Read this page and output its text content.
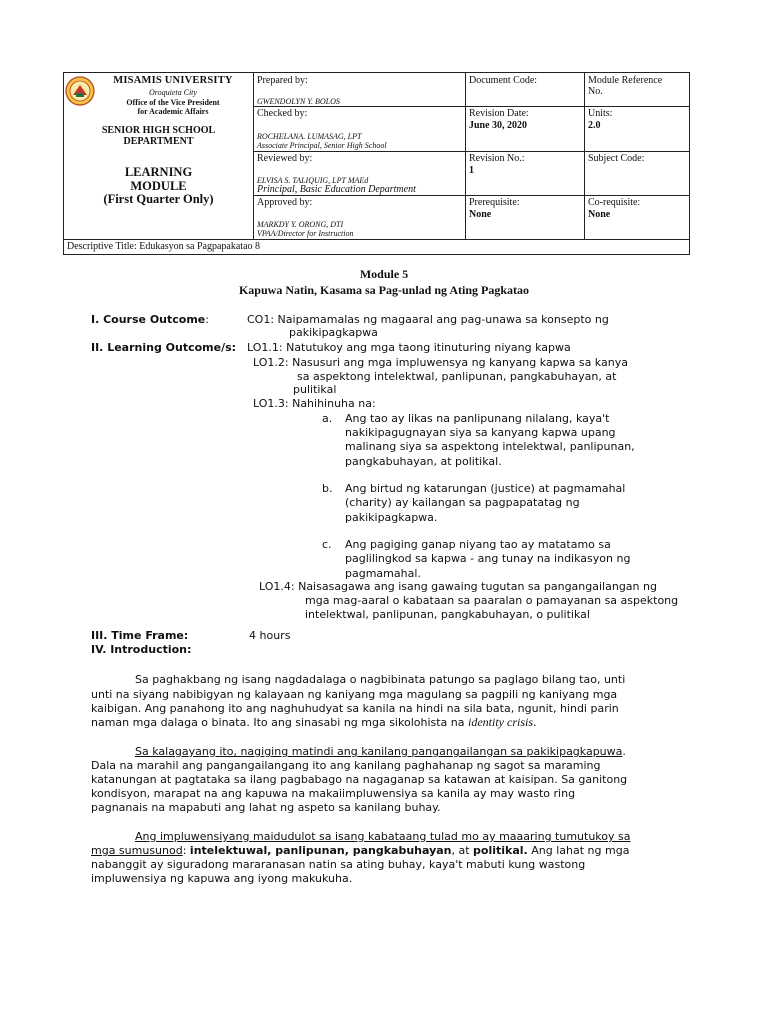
MISAMIS UNIVERSITY
Oroquieta City
Office of the Vice President
for Academic Affairs
SENIOR HIGH SCHOOL
DEPARTMENT
LEARNING
MODULE
(First Quarter Only)
Prepared by:
GWENDOLYN Y. BOLOS
Checked by:
ROCHELANA. LUMASAG, LPT
Associate Principal, Senior High School
Reviewed by:
ELVISA S. TALIQUIG, LPT MAEd
Principal, Basic Education Department
Approved by:
MARKDY Y. ORONG, DTI
VPAA/Director for Instruction
Document Code:
Revision Date:
June 30, 2020
Revision No.:
1
Prerequisite:
None
Module Reference
No.
Units:
2.0
Subject Code:
Co-requisite:
None
Descriptive Title: Edukasyon sa Pagpapakatao 8
Module 5
Kapuwa Natin, Kasama sa Pag-unlad ng Ating Pagkatao
I. Course Outcome:	CO1: Naipamamalas ng magaaral ang pag-unawa sa konsepto ng
pakikipagkapwa
II. Learning Outcome/s: LO1.1: Natutukoy ang mga taong itinuturing niyang kapwa
LO1.2: Nasusuri ang mga impluwensya ng kanyang kapwa sa kanya
sa aspektong intelektwal, panlipunan, pangkabuhayan, at
pulitikal
LO1.3: Nahihinuha na:
a. Ang tao ay likas na panlipunang nilalang, kaya't
nakikipagugnayan siya sa kanyang kapwa upang
malinang siya sa aspektong intelektwal, panlipunan,
pangkabuhayan, at politikal.
b. Ang birtud ng katarungan (justice) at pagmamahal
(charity) ay kailangan sa pagpapatatag ng
pakikipagkapwa.
c. Ang pagiging ganap niyang tao ay matatamo sa
paglilingkod sa kapwa - ang tunay na indikasyon ng
pagmamahal.
LO1.4: Naisasagawa ang isang gawaing tugutan sa pangangailangan ng
mga mag-aaral o kabataan sa paaralan o pamayanan sa aspektong
intelektwal, panlipunan, pangkabuhayan, o pulitikal
III. Time Frame:	4 hours
IV. Introduction:
Sa paghakbang ng isang nagdadalaga o nagbibinata patungo sa paglago bilang tao, unti
unti na siyang nabibigyan ng kalayaan ng kaniyang mga magulang sa pagpili ng kaniyang mga
kaibigan. Ang panahong ito ang naghuhudyat sa kanila na hindi na sila bata, ngunit, hindi parin
naman mga dalaga o binata. Ito ang sinasabi ng mga sikolohista na identity crisis.
Sa kalagayang ito, nagiging matindi ang kanilang pangangailangan sa pakikipagkapuwa.
Dala na marahil ang pangangailangang ito ang kanilang paghahanap ng sagot sa maraming
katanungan at pagtataka sa ilang pagbabago na nagaganap sa katawan at kaisipan. Sa ganitong
kondisyon, marapat na ang kapuwa na makaiimpluwensiya sa kanila ay may wasto ring
pagnanais na mapabuti ang lahat ng aspeto sa kanilang buhay.
Ang impluwensiyang maidudulot sa isang kabataang tulad mo ay maaaring tumutukoy sa
mga sumusunod: intelektuwal, panlipunan, pangkabuhayan, at politikal. Ang lahat ng mga
nabanggit ay siguradong mararanasan natin sa ating buhay, kaya't mabuti kung wastong
impluwensiya ng kapuwa ang iyong makukuha.
